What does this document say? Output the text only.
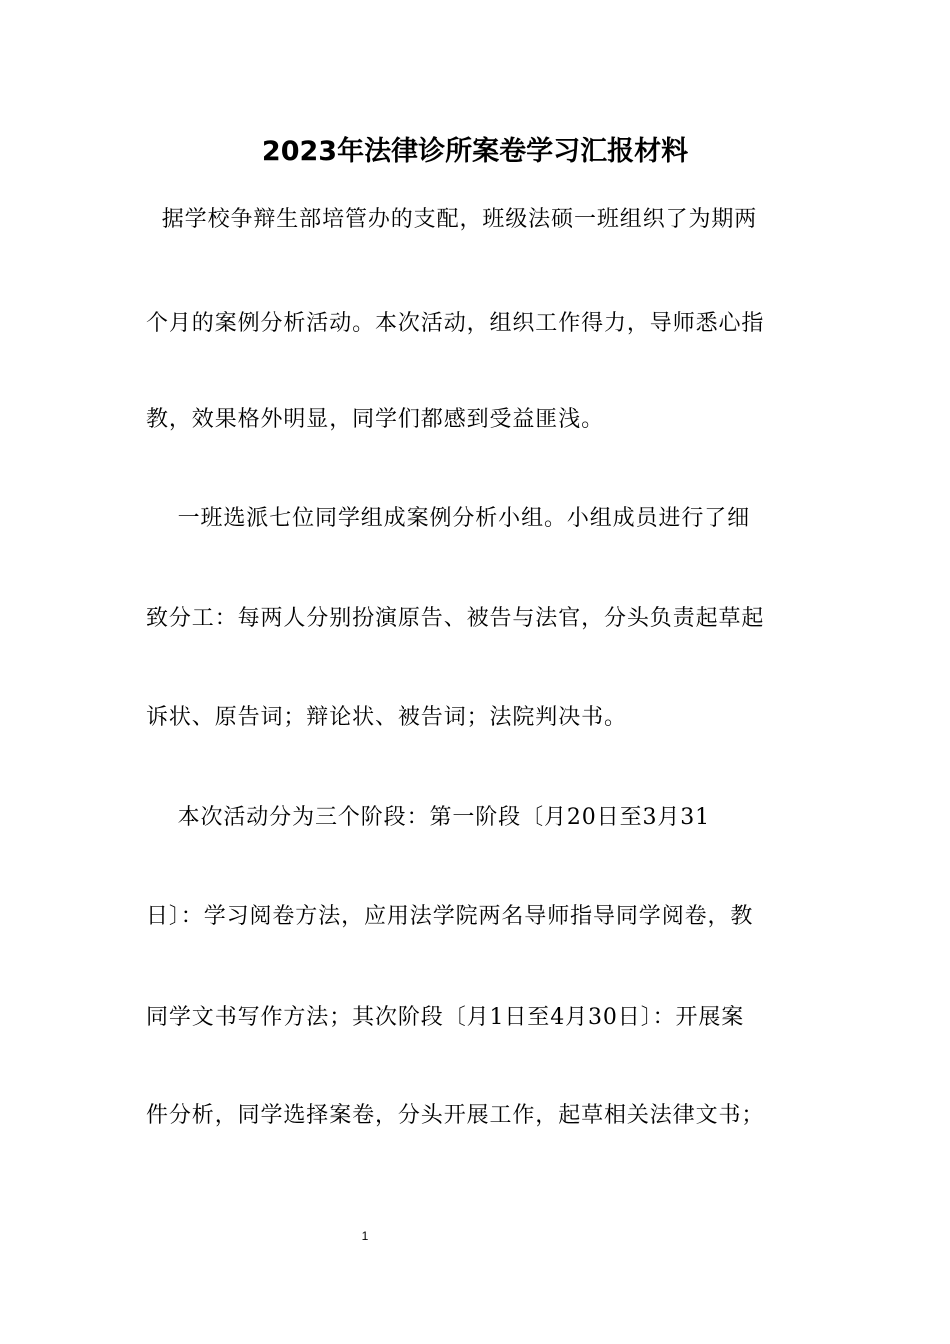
2023年法律诊所案卷学习汇报材料
据学校争辩生部培管办的支配，班级法硕一班组织了为期两
个月的案例分析活动。本次活动，组织工作得力，导师悉心指
教，效果格外明显，同学们都感到受益匪浅。
一班选派七位同学组成案例分析小组。小组成员进行了细
致分工：每两人分别扮演原告、被告与法官，分头负责起草起
诉状、原告词；辩论状、被告词；法院判决书。
本次活动分为三个阶段：第一阶段〔月20日至3月31
日〕：学习阅卷方法，应用法学院两名导师指导同学阅卷，教
同学文书写作方法；其次阶段〔月1日至4月30日〕：开展案
件分析，同学选择案卷，分头开展工作，起草相关法律文书；
1
